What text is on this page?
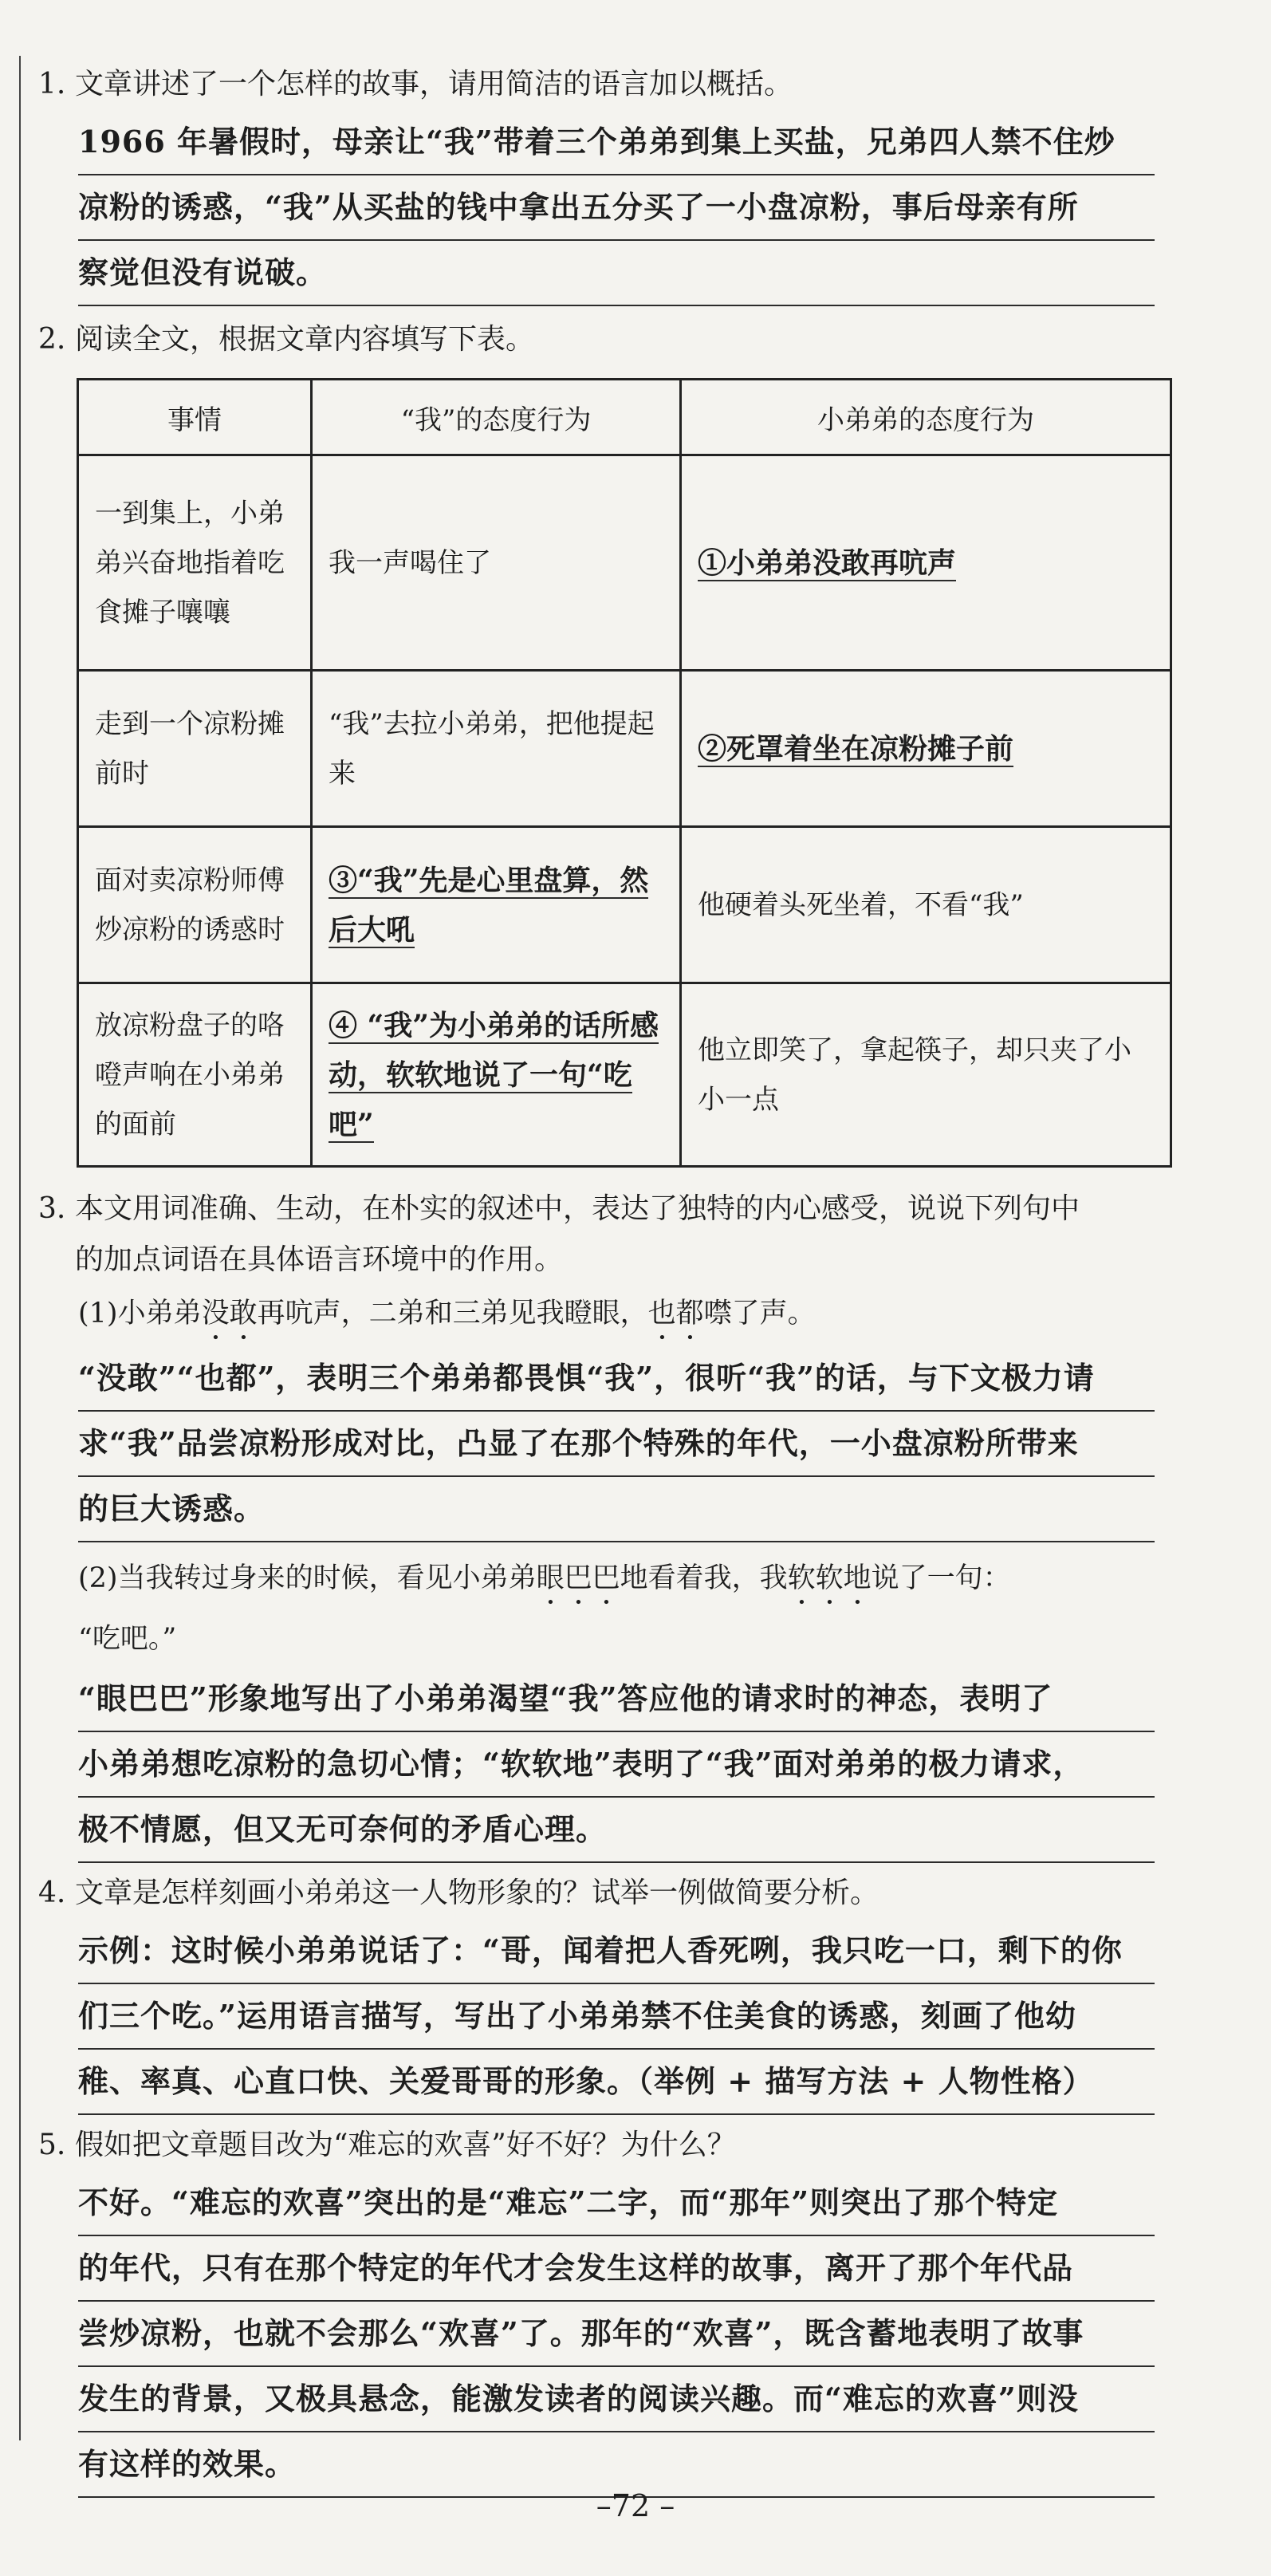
1. 文章讲述了一个怎样的故事，请用简洁的语言加以概括。

1966 年暑假时，母亲让“我”带着三个弟弟到集上买盐，兄弟四人禁不住炒

凉粉的诱惑，“我”从买盐的钱中拿出五分买了一小盘凉粉，事后母亲有所

察觉但没有说破。

2. 阅读全文，根据文章内容填写下表。
事情	“我”的态度行为	小弟弟的态度行为
一到集上，小弟弟兴奋地指着吃食摊子嚷嚷	我一声喝住了	①小弟弟没敢再吭声
走到一个凉粉摊前时	“我”去拉小弟弟，把他提起来	②死罩着坐在凉粉摊子前
面对卖凉粉师傅炒凉粉的诱惑时	③“我”先是心里盘算，然后大吼	他硬着头死坐着，不看“我”
放凉粉盘子的咯噔声响在小弟弟的面前	④ “我”为小弟弟的话所感动，软软地说了一句“吃吧”	他立即笑了，拿起筷子，却只夹了小小一点
3. 本文用词准确、生动，在朴实的叙述中，表达了独特的内心感受，说说下列句中
的加点词语在具体语言环境中的作用。
(1)小弟弟没敢再吭声，二弟和三弟见我瞪眼，也都噤了声。

“没敢”“也都”，表明三个弟弟都畏惧“我”，很听“我”的话，与下文极力请

求“我”品尝凉粉形成对比，凸显了在那个特殊的年代，一小盘凉粉所带来

的巨大诱惑。

(2)当我转过身来的时候，看见小弟弟眼巴巴地看着我，我软软地说了一句：
“吃吧。”

“眼巴巴”形象地写出了小弟弟渴望“我”答应他的请求时的神态，表明了

小弟弟想吃凉粉的急切心情；“软软地”表明了“我”面对弟弟的极力请求，

极不情愿，但又无可奈何的矛盾心理。

4. 文章是怎样刻画小弟弟这一人物形象的？试举一例做简要分析。

示例：这时候小弟弟说话了：“哥，闻着把人香死咧，我只吃一口，剩下的你

们三个吃。”运用语言描写，写出了小弟弟禁不住美食的诱惑，刻画了他幼

稚、率真、心直口快、关爱哥哥的形象。（举例 + 描写方法 + 人物性格）

5. 假如把文章题目改为“难忘的欢喜”好不好？为什么？

不好。“难忘的欢喜”突出的是“难忘”二字，而“那年”则突出了那个特定

的年代，只有在那个特定的年代才会发生这样的故事，离开了那个年代品

尝炒凉粉，也就不会那么“欢喜”了。那年的“欢喜”，既含蓄地表明了故事

发生的背景，又极具悬念，能激发读者的阅读兴趣。而“难忘的欢喜”则没

有这样的效果。

–72 –
